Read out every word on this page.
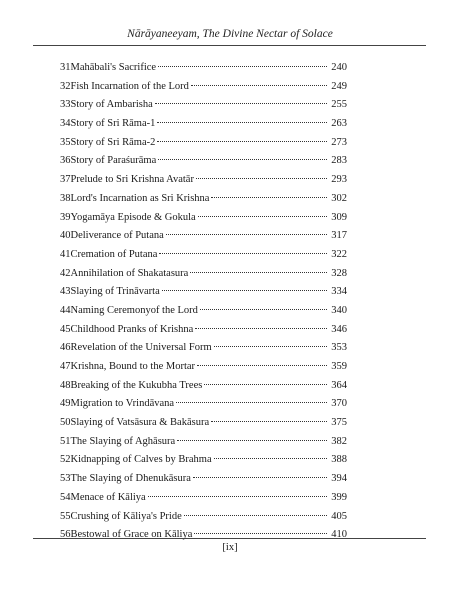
Nārāyaneeyam, The Divine Nectar of Solace
31 Mahābali's Sacrifice	240
32 Fish Incarnation of the Lord	249
33 Story of Ambarisha	255
34 Story of Sri Rāma-1	263
35 Story of Sri Rāma-2	273
36 Story of Paraśurāma	283
37 Prelude to Sri Krishna Avatār	293
38 Lord's Incarnation as Sri Krishna	302
39 Yogamāya Episode & Gokula	309
40 Deliverance of Putana	317
41 Cremation of Putana	322
42 Annihilation of Shakatasura	328
43 Slaying of Trināvarta	334
44 Naming Ceremonyof the Lord	340
45 Childhood Pranks of Krishna	346
46 Revelation of the Universal Form	353
47 Krishna, Bound to the Mortar	359
48 Breaking of the Kukubha Trees	364
49 Migration to Vrindāvana	370
50 Slaying of Vatsāsura & Bakāsura	375
51 The Slaying of Aghāsura	382
52 Kidnapping of Calves by Brahma	388
53 The Slaying of Dhenukāsura	394
54 Menace of Kāliya	399
55 Crushing of Kāliya's Pride	405
56 Bestowal of Grace on Kāliya	410
[ix]
